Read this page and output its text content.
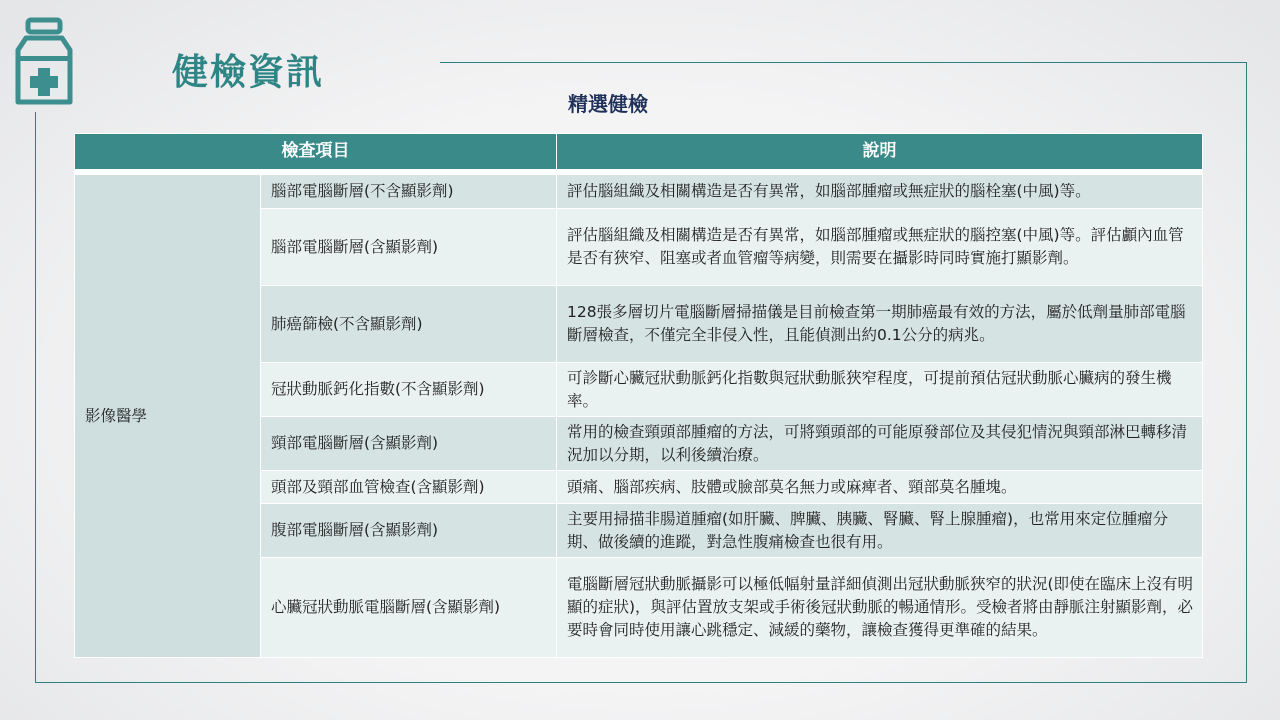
健檢資訊
精選健檢
檢查項目		說明

影像醫學	腦部電腦斷層(不含顯影劑)	評估腦組織及相關構造是否有異常，如腦部腫瘤或無症狀的腦栓塞(中風)等。
	腦部電腦斷層(含顯影劑)	評估腦組織及相關構造是否有異常，如腦部腫瘤或無症狀的腦控塞(中風)等。評估顱內血管是否有狹窄、阻塞或者血管瘤等病變，則需要在攝影時同時實施打顯影劑。
	肺癌篩檢(不含顯影劑)	128張多層切片電腦斷層掃描儀是目前檢查第一期肺癌最有效的方法，屬於低劑量肺部電腦斷層檢查，不僅完全非侵入性，且能偵測出約0.1公分的病兆。
	冠狀動脈鈣化指數(不含顯影劑)	可診斷心臟冠狀動脈鈣化指數與冠狀動脈狹窄程度，可提前預估冠狀動脈心臟病的發生機率。
	頸部電腦斷層(含顯影劑)	常用的檢查頸頭部腫瘤的方法，可將頸頭部的可能原發部位及其侵犯情況與頸部淋巴轉移清況加以分期，以利後續治療。
	頭部及頸部血管檢查(含顯影劑)	頭痛、腦部疾病、肢體或臉部莫名無力或麻痺者、頸部莫名腫塊。
	腹部電腦斷層(含顯影劑)	主要用掃描非腸道腫瘤(如肝臟、脾臟、胰臟、腎臟、腎上腺腫瘤)，也常用來定位腫瘤分期、做後續的進蹤，對急性腹痛檢查也很有用。
	心臟冠狀動脈電腦斷層(含顯影劑)	電腦斷層冠狀動脈攝影可以極低幅射量詳細偵測出冠狀動脈狹窄的狀況(即使在臨床上沒有明顯的症狀)，與評估置放支架或手術後冠狀動脈的暢通情形。受檢者將由靜脈注射顯影劑，必要時會同時使用讓心跳穩定、減緩的藥物，讓檢查獲得更準確的結果。
